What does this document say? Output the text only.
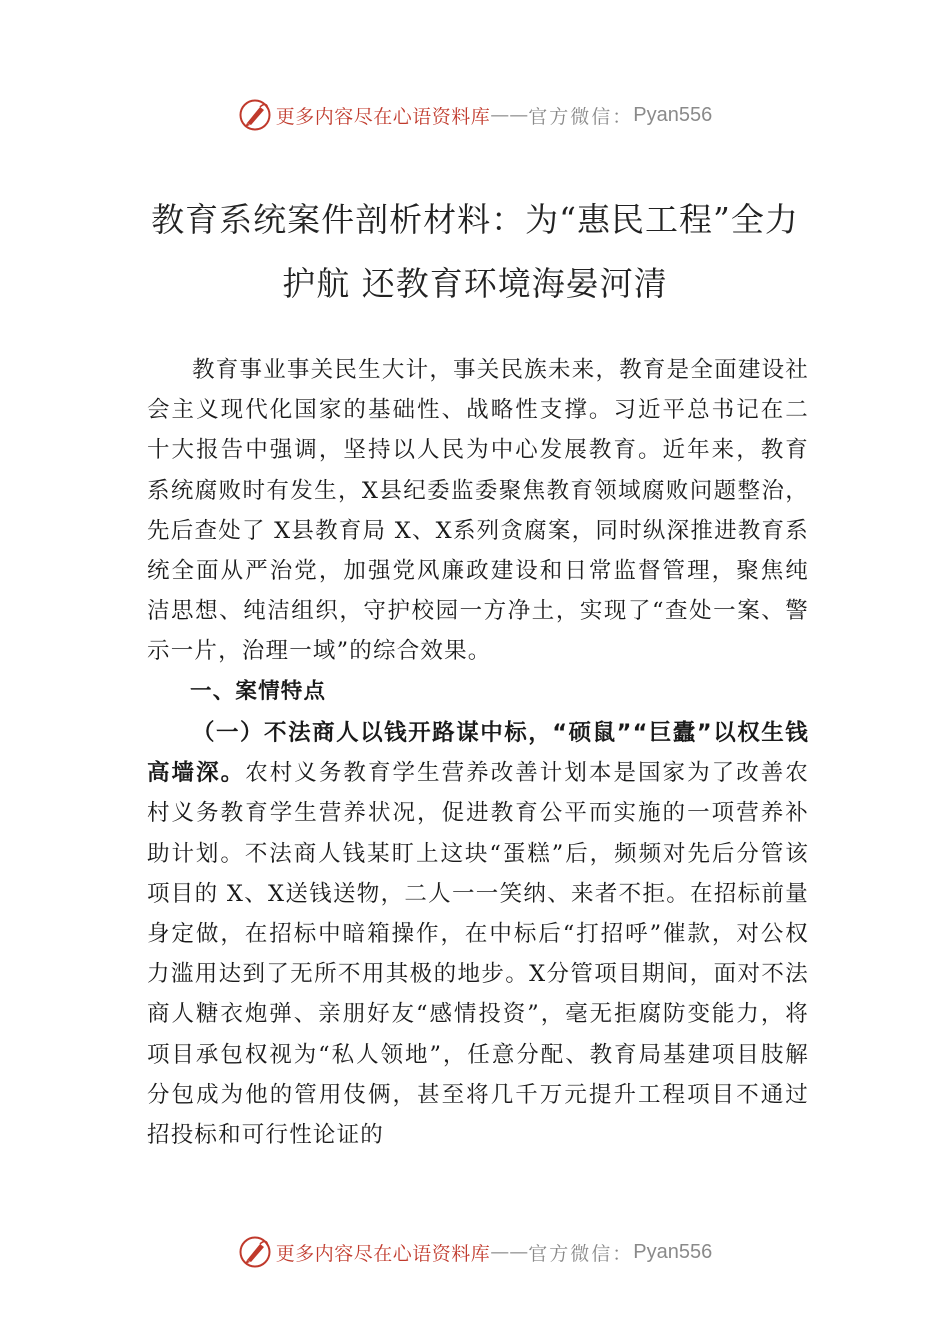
更多内容尽在心语资料库 —— 官方微信： Pyan556
教育系统案件剖析材料：为“惠民工程”全力护航 还教育环境海晏河清

教育事业事关民生大计，事关民族未来，教育是全面建设社会主义现代化国家的基础性、战略性支撑。习近平总书记在二十大报告中强调，坚持以人民为中心发展教育。近年来，教育系统腐败时有发生，X县纪委监委聚焦教育领域腐败问题整治，先后查处了 X县教育局 X、X系列贪腐案，同时纵深推进教育系统全面从严治党，加强党风廉政建设和日常监督管理，聚焦纯洁思想、纯洁组织，守护校园一方净土，实现了“查处一案、警示一片，治理一域”的综合效果。

一、案情特点

（一）不法商人以钱开路谋中标，“硕鼠”“巨蠹”以权生钱高墙深。农村义务教育学生营养改善计划本是国家为了改善农村义务教育学生营养状况，促进教育公平而实施的一项营养补助计划。不法商人钱某盯上这块“蛋糕”后，频频对先后分管该项目的 X、X送钱送物，二人一一笑纳、来者不拒。在招标前量身定做，在招标中暗箱操作，在中标后“打招呼”催款，对公权力滥用达到了无所不用其极的地步。X分管项目期间，面对不法商人糖衣炮弹、亲朋好友“感情投资”，毫无拒腐防变能力，将项目承包权视为“私人领地”，任意分配、教育局基建项目肢解分包成为他的管用伎俩，甚至将几千万元提升工程项目不通过招投标和可行性论证的

更多内容尽在心语资料库 —— 官方微信： Pyan556
